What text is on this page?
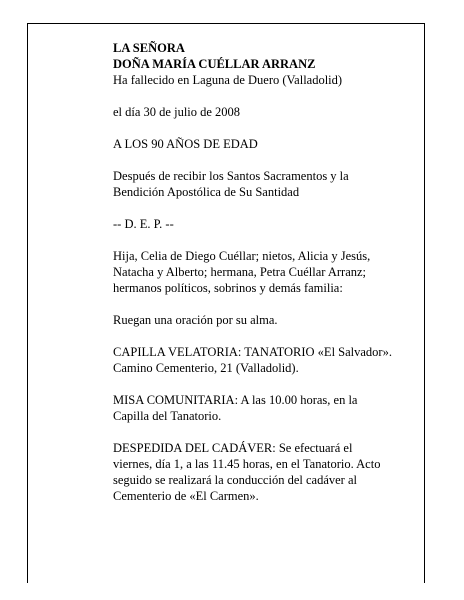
LA SEÑORA

DOÑA MARÍA CUÉLLAR ARRANZ

Ha fallecido en Laguna de Duero (Valladolid)

el día 30 de julio de 2008

A LOS 90 AÑOS DE EDAD

Después de recibir los Santos Sacramentos y la

Bendición Apostólica de Su Santidad

-- D. E. P. --

Hija, Celia de Diego Cuéllar; nietos, Alicia y Jesús,

Natacha y Alberto; hermana, Petra Cuéllar Arranz;

hermanos políticos, sobrinos y demás familia:

Ruegan una oración por su alma.

CAPILLA VELATORIA: TANATORIO «El Salvador».

Camino Cementerio, 21 (Valladolid).

MISA COMUNITARIA: A las 10.00 horas, en la

Capilla del Tanatorio.

DESPEDIDA DEL CADÁVER: Se efectuará el

viernes, día 1, a las 11.45 horas, en el Tanatorio. Acto

seguido se realizará la conducción del cadáver al

Cementerio de «El Carmen».
